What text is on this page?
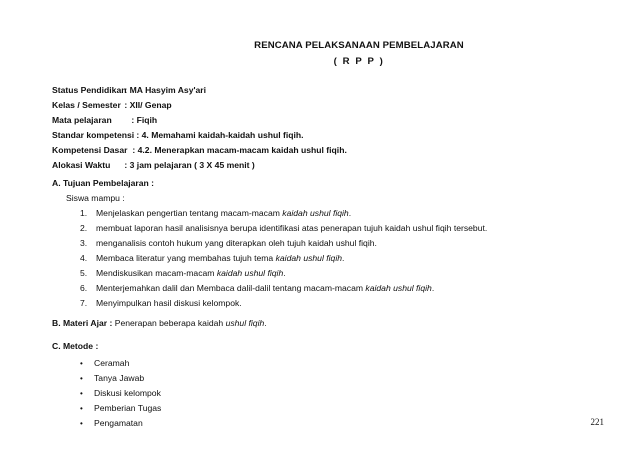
RENCANA PELAKSANAAN PEMBELAJARAN
( R P P )
Status Pendidikan : MA Hasyim Asy'ari
Kelas / Semester : XII/ Genap
Mata pelajaran : Fiqih
Standar kompetensi : 4. Memahami kaidah-kaidah ushul fiqih.
Kompetensi Dasar : 4.2. Menerapkan macam-macam kaidah ushul fiqih.
Alokasi Waktu : 3 jam pelajaran ( 3 X 45 menit )
A. Tujuan Pembelajaran :
Siswa mampu :
1. Menjelaskan pengertian tentang macam-macam kaidah ushul fiqih.
2. membuat laporan hasil analisisnya berupa identifikasi atas penerapan tujuh kaidah ushul fiqih tersebut.
3. menganalisis contoh hukum yang diterapkan oleh tujuh kaidah ushul fiqih.
4. Membaca literatur yang membahas tujuh tema kaidah ushul fiqih.
5. Mendiskusikan macam-macam kaidah ushul fiqih.
6. Menterjemahkan dalil dan Membaca dalil-dalil tentang macam-macam kaidah ushul fiqih.
7. Menyimpulkan hasil diskusi kelompok.
B. Materi Ajar : Penerapan beberapa kaidah ushul fiqih.
C. Metode :
• Ceramah
• Tanya Jawab
• Diskusi kelompok
• Pemberian Tugas
• Pengamatan	221
